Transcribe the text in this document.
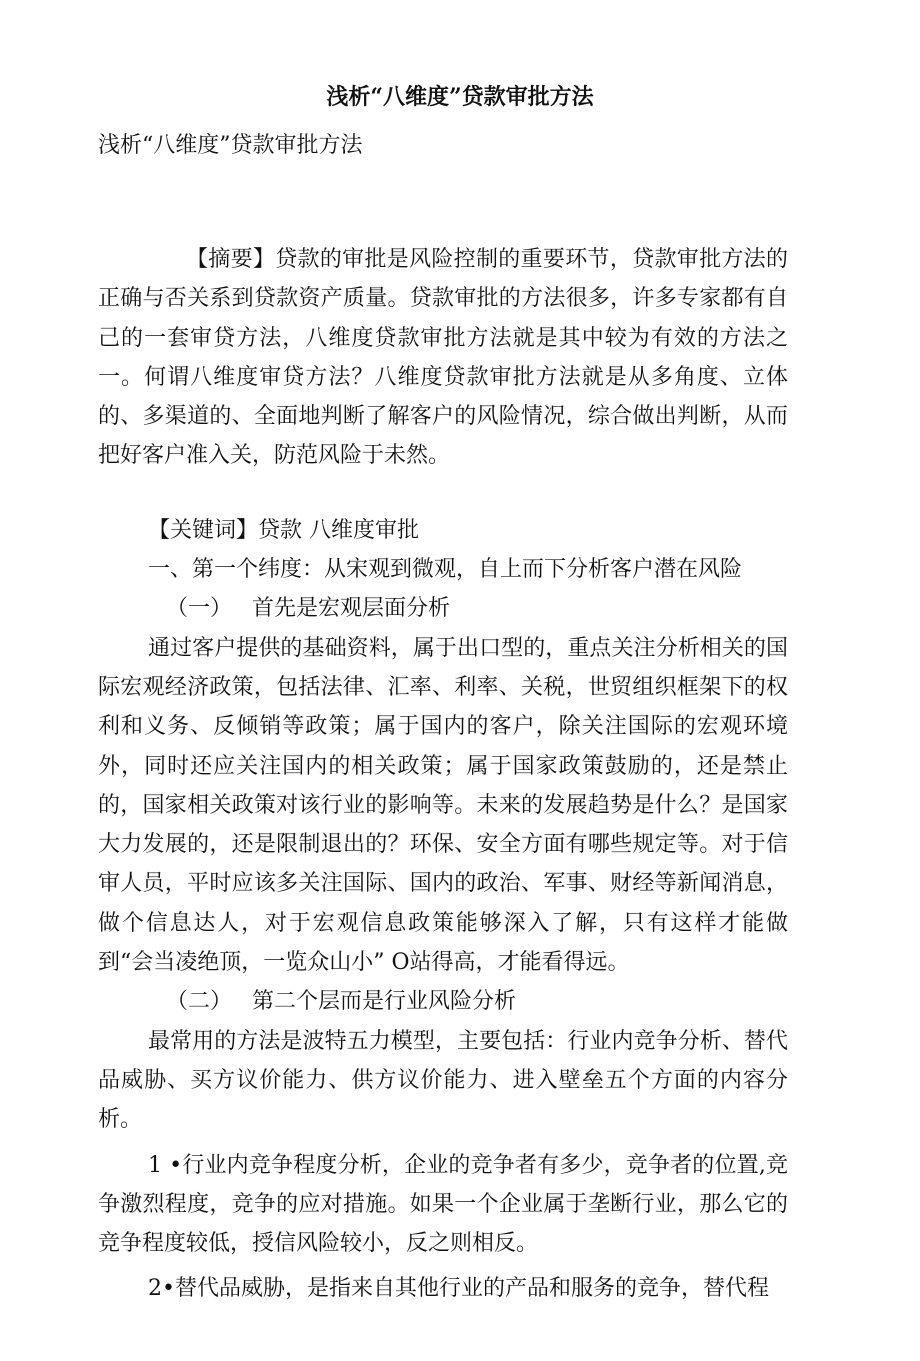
浅析“八维度”贷款审批方法
浅析“八维度”贷款审批方法

【摘要】贷款的审批是风险控制的重要环节，贷款审批方法的正确与否关系到贷款资产质量。贷款审批的方法很多，许多专家都有自己的一套审贷方法，八维度贷款审批方法就是其中较为有效的方法之一。何谓八维度审贷方法？八维度贷款审批方法就是从多角度、立体的、多渠道的、全面地判断了解客户的风险情况，综合做出判断，从而把好客户准入关，防范风险于未然。

【关键词】贷款 八维度审批

一、第一个纬度：从宋观到微观，自上而下分析客户潜在风险

（一） 首先是宏观层面分析

通过客户提供的基础资料，属于出口型的，重点关注分析相关的国际宏观经济政策，包括法律、汇率、利率、关税，世贸组织框架下的权利和义务、反倾销等政策；属于国内的客户，除关注国际的宏观环境外，同时还应关注国内的相关政策；属于国家政策鼓励的，还是禁止的，国家相关政策对该行业的影响等。未来的发展趋势是什么？是国家大力发展的，还是限制退出的？环保、安全方面有哪些规定等。对于信审人员，平时应该多关注国际、国内的政治、军事、财经等新闻消息，做个信息达人，对于宏观信息政策能够深入了解，只有这样才能做到“会当凌绝顶，一览众山小” O站得高，才能看得远。

（二） 第二个层而是行业风险分析

最常用的方法是波特五力模型，主要包括：行业内竞争分析、替代品威胁、买方议价能力、供方议价能力、进入壁垒五个方面的内容分析。

1 •行业内竞争程度分析，企业的竞争者有多少，竞争者的位置,竞争激烈程度，竞争的应对措施。如果一个企业属于垄断行业，那么它的竞争程度较低，授信风险较小，反之则相反。

2•替代品威胁，是指来自其他行业的产品和服务的竞争，替代程
